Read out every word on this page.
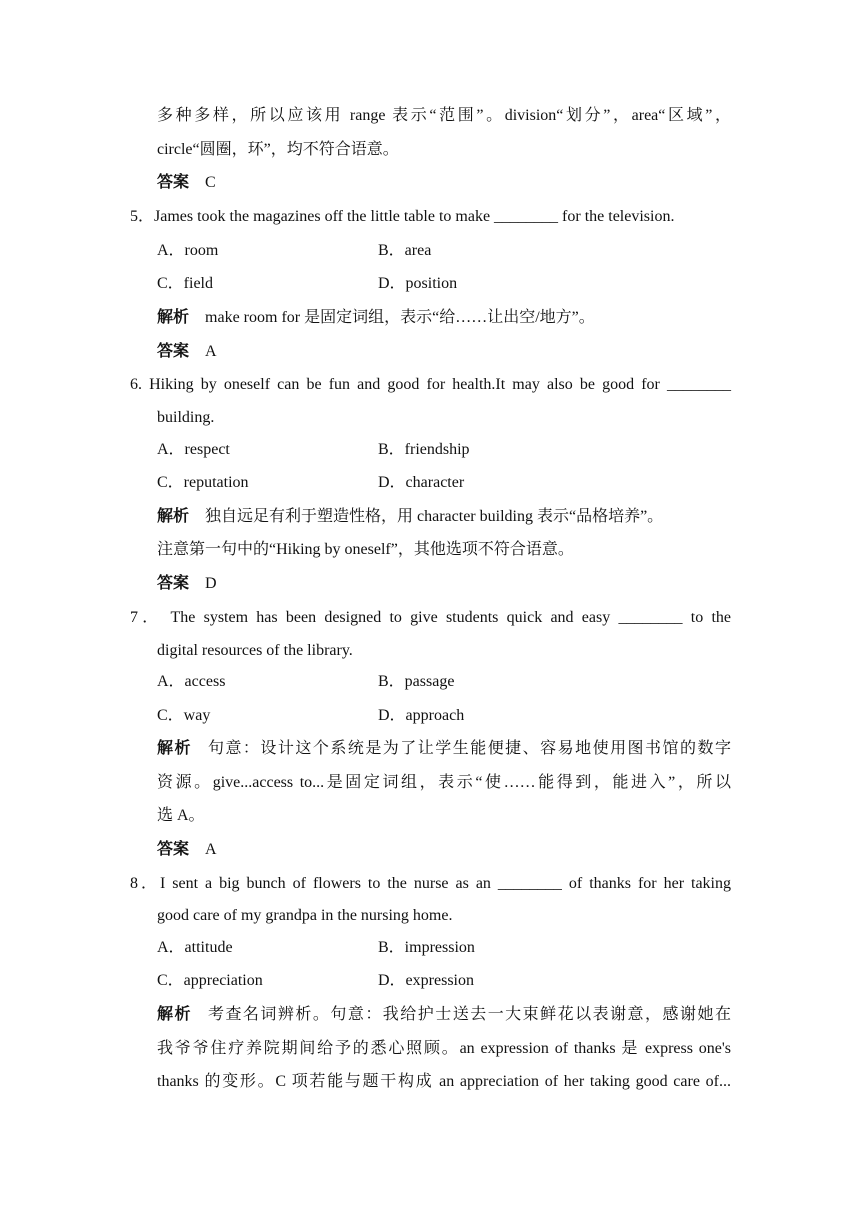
多种多样，所以应该用 range 表示“范围”。division“划分”，area“区域”，
circle“圆圈，环”，均不符合语意。
答案 C
5．James took the magazines off the little table to make ________ for the television.
A．room	B．area
C．field	D．position
解析 make room for 是固定词组，表示“给……让出空/地方”。
答案 A
6. Hiking by oneself can be fun and good for health.It may also be good for ________
building.
A．respect	B．friendship
C．reputation	D．character
解析 独自远足有利于塑造性格，用 character building 表示“品格培养”。
注意第一句中的“Hiking by oneself”，其他选项不符合语意。
答案 D
7． The system has been designed to give students quick and easy ________ to the
digital resources of the library.
A．access	B．passage
C．way	D．approach
解析 句意：设计这个系统是为了让学生能便捷、容易地使用图书馆的数字
资源。give...access to...是固定词组，表示“使……能得到，能进入”，所以
选 A。
答案 A
8．I sent a big bunch of flowers to the nurse as an ________ of thanks for her taking
good care of my grandpa in the nursing home.
A．attitude	B．impression
C．appreciation	D．expression
解析 考查名词辨析。句意：我给护士送去一大束鲜花以表谢意，感谢她在
我爷爷住疗养院期间给予的悉心照顾。an expression of thanks 是 express one's
thanks 的变形。C 项若能与题干构成 an appreciation of her taking good care of...
